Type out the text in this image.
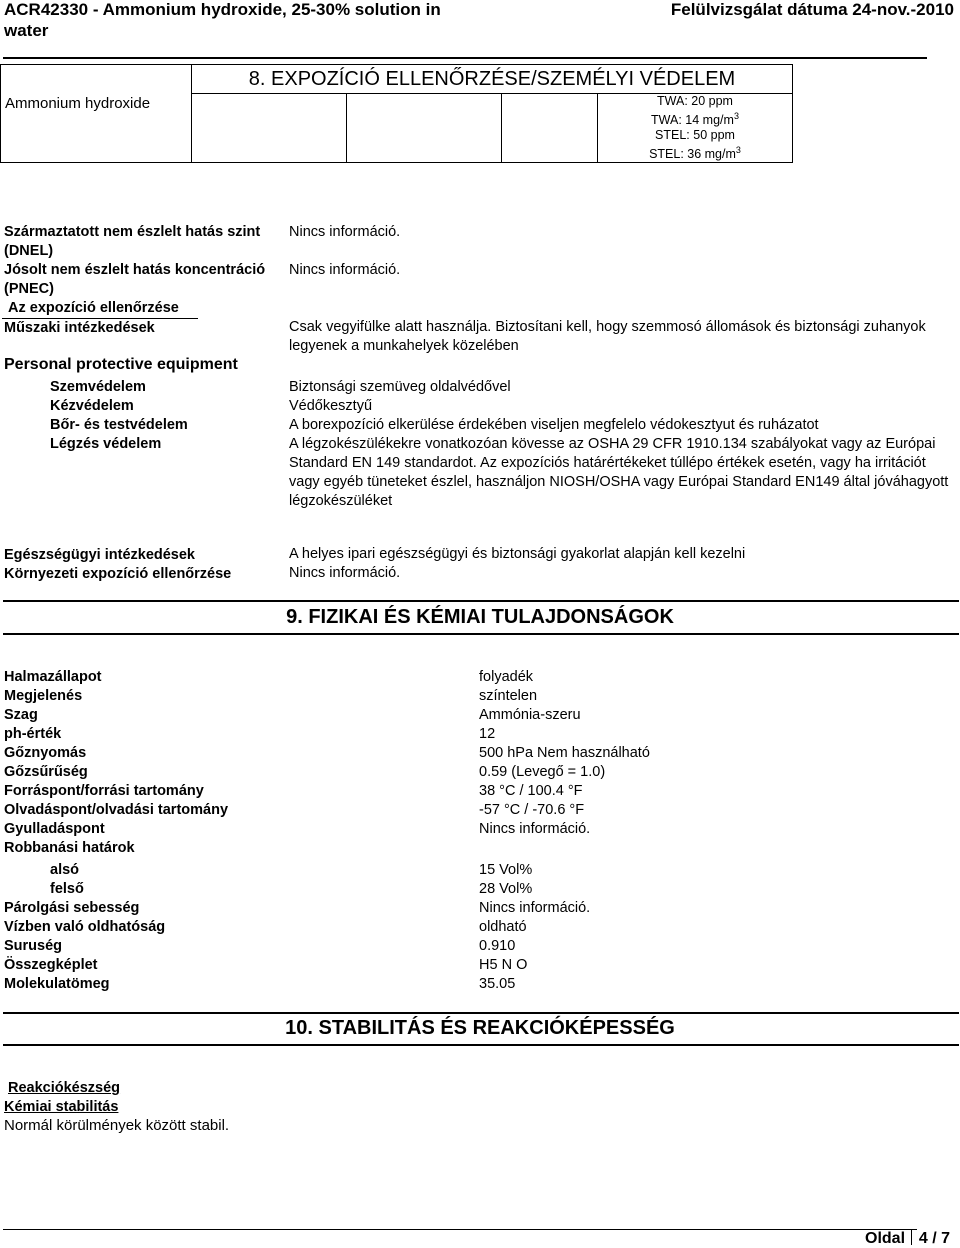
ACR42330 - Ammonium hydroxide, 25-30% solution in
water
Felülvizsgálat dátuma 24-nov.-2010
Ammonium hydroxide	8. EXPOZÍCIÓ ELLENŐRZÉSE/SZEMÉLYI VÉDELEM			

				TWA: 20 ppm
TWA: 14 $mg/m^3$
STEL: 50 ppm
STEL: 36 $mg/m^3$
Származtatott nem észlelt hatás szint Nincs információ.
(DNEL)
Jósolt nem észlelt hatás koncentráció Nincs információ.
(PNEC)
Az expozíció ellenőrzése
Műszaki intézkedések	Csak vegyifülke alatt használja. Biztosítani kell, hogy szemmosó állomások és biztonsági zuhanyok legyenek a munkahelyek közelében
Personal protective equipment
Szemvédelem	Biztonsági szemüveg oldalvédővel
Kézvédelem	Védőkesztyű
Bőr- és testvédelem	A borexpozíció elkerülése érdekében viseljen megfelelo védokesztyut és ruházatot
Légzés védelem	A légzokészülékekre vonatkozóan kövesse az OSHA 29 CFR 1910.134 szabályokat vagy az Európai Standard EN 149 standardot. Az expozíciós határértékeket túllépo értékek esetén, vagy ha irritációt vagy egyéb tüneteket észlel, használjon NIOSH/OSHA vagy Európai Standard EN149 által jóváhagyott légzokészüléket
Egészségügyi intézkedések	A helyes ipari egészségügyi és biztonsági gyakorlat alapján kell kezelni
Környezeti expozíció ellenőrzése	Nincs információ.
9. FIZIKAI ÉS KÉMIAI TULAJDONSÁGOK
Halmazállapot	folyadék
Megjelenés	színtelen
Szag	Ammónia-szeru
ph-érték	12
Gőznyomás	500 hPa Nem használható
Gőzsűrűség	0.59 (Levegő = 1.0)
Forráspont/forrási tartomány	38 °C / 100.4 °F
Olvadáspont/olvadási tartomány	-57 °C / -70.6 °F
Gyulladáspont	Nincs információ.
Robbanási határok
alsó	15 Vol%
felső	28 Vol%
Párolgási sebesség	Nincs információ.
Vízben való oldhatóság	oldható
Suruség	0.910
Összegképlet	H5 N O
Molekulatömeg	35.05
10. STABILITÁS ÉS REAKCIÓKÉPESSÉG
Reakciókészség
Kémiai stabilitás
Normál körülmények között stabil.
Oldal 4 / 7
